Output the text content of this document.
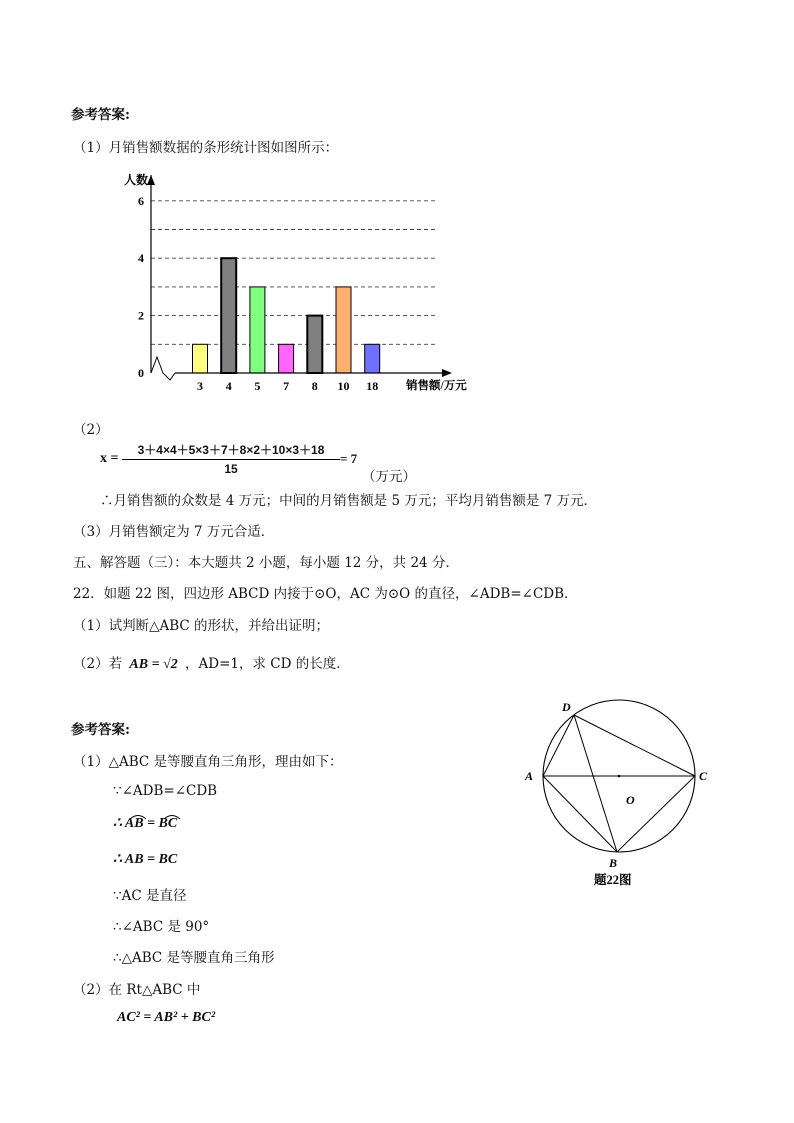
参考答案:
（1）月销售额数据的条形统计图如图所示：
0
2
4
6
3 4 5 7 8 10 18
人数
销售额/万元
（2）
x =
3＋4×4＋5×3＋7＋8×2＋10×3＋18
15
= 7
（万元）
∴月销售额的众数是 4 万元；中间的月销售额是 5 万元；平均月销售额是 7 万元．
（3）月销售额定为 7 万元合适．
五、解答题（三）：本大题共 2 小题，每小题 12 分，共 24 分．
22．如题 22 图，四边形 ABCD 内接于⊙O，AC 为⊙O 的直径，∠ADB=∠CDB．
（1）试判断△ABC 的形状，并给出证明；
（2）若 AB = √2 ，AD=1，求 CD 的长度．
参考答案:
（1）△ABC 是等腰直角三角形，理由如下：
∵∠ADB=∠CDB
∴ AB = BC
∴ AB = BC
∵AC 是直径
∴∠ABC 是 90°
∴△ABC 是等腰直角三角形
（2）在 Rt△ABC 中
AC² = AB² + BC²
D
A	C
O
B
题22图
